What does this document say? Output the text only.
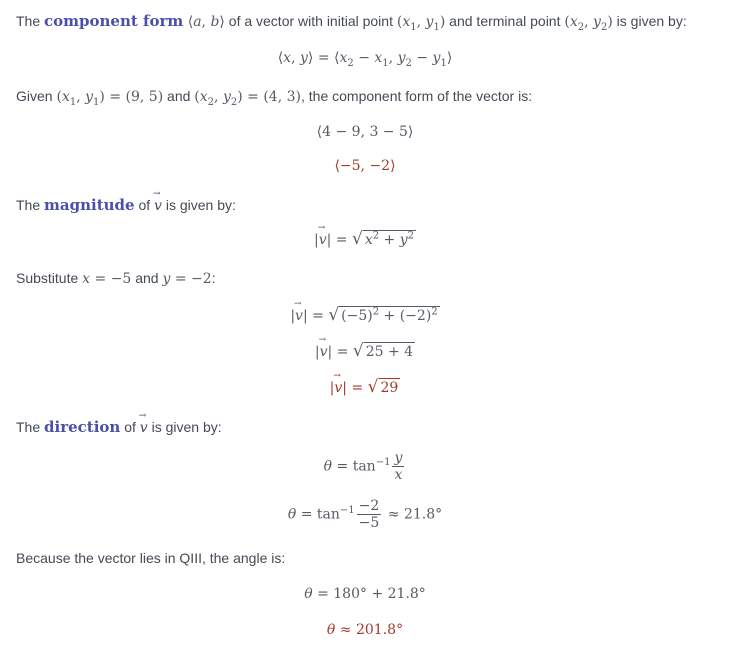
The component form ⟨a, b⟩ of a vector with initial point ($x_1$, $y_1$) and terminal point ($x_2$, $y_2$) is given by:
⟨x, y⟩ = $⟨x_2 - x_1$, $y_2$ − $y_1⟩$
Given ($x_1$, $y_1) = (9$, 5) and ($x_2$, $y_2) = (4$, 3), the component form of the vector is:
⟨4 − 9, 3 − 5⟩
⟨−5, −2⟩
The magnitude of → v is given by:
|→ v| = √ $x^2 + y^2$
Substitute x = −5 and y = −2:
|→ v| = √ $(-5)^2 + (-2)^2$
|→ v| = √ 25 + 4
|→ v| = √ 29
The direction of → v is given by:
$\theta = \tan^{-1} \frac{y}{x}$
$\theta = \tan^{-1} \frac{-2}{-5} \approx 21.8^\circ$
Because the vector lies in QIII, the angle is:
θ = 180° + 21.8°
θ ≈ 201.8°
